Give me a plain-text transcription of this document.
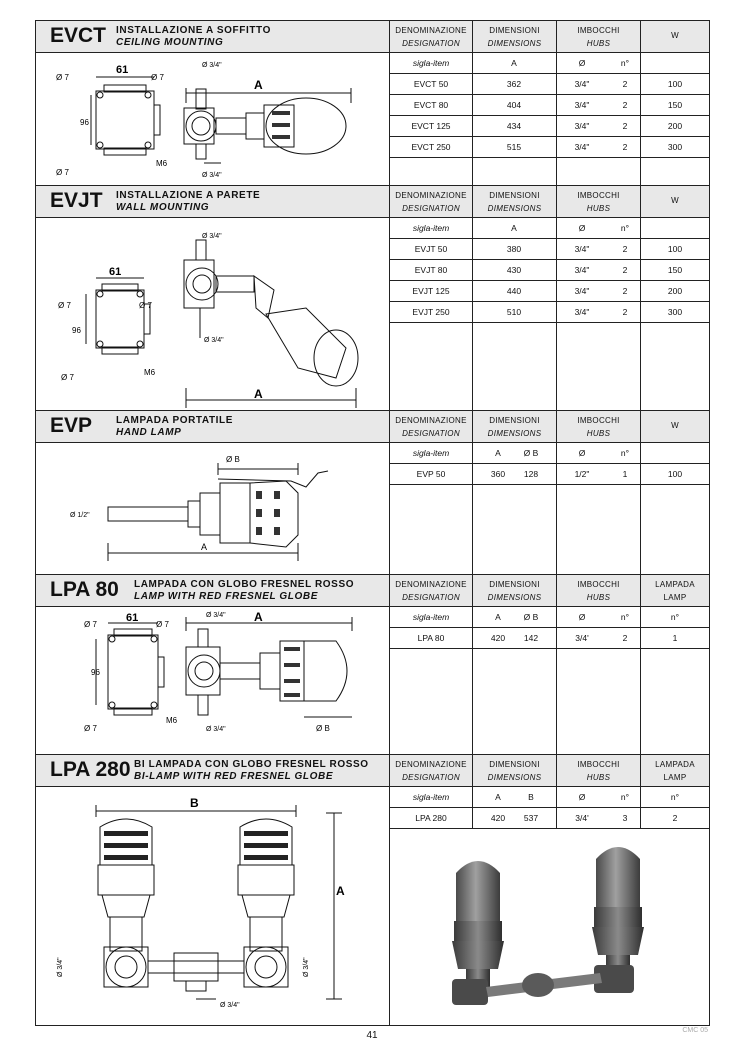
EVCT INSTALLAZIONE A SOFFITTO
CEILING MOUNTING
DENOMINAZIONE
DESIGNATION
DIMENSIONI
DIMENSIONS
IMBOCCHI
HUBS
W
Ø 7
61
Ø 7
96
Ø 7
M6
Ø 3/4"
A
Ø 3/4"
sigla-item	A	Ø	n°
EVCT 50	362	3/4"	2	100
EVCT 80	404	3/4"	2	150
EVCT 125	434	3/4"	2	200
EVCT 250	515	3/4"	2	300
EVJT INSTALLAZIONE A PARETE
WALL MOUNTING
DENOMINAZIONE
DESIGNATION
DIMENSIONI
DIMENSIONS
IMBOCCHI
HUBS
W
Ø 7
61
Ø 7
96
Ø 7
M6
Ø 3/4"
A
Ø 3/4"
sigla-item	A	Ø	n°
EVJT 50	380	3/4"	2	100
EVJT 80	430	3/4"	2	150
EVJT 125	440	3/4"	2	200
EVJT 250	510	3/4"	2	300
EVP LAMPADA PORTATILE
HAND LAMP
DENOMINAZIONE
DESIGNATION
DIMENSIONI
DIMENSIONS
IMBOCCHI
HUBS
W
Ø B
Ø 1/2"
A
sigla-item	A	Ø B	Ø	n°
EVP 50	360	128	1/2"	1	100
LPA 80 LAMPADA CON GLOBO FRESNEL ROSSO
LAMP WITH RED FRESNEL GLOBE
DENOMINAZIONE
DESIGNATION
DIMENSIONI
DIMENSIONS
IMBOCCHI
HUBS
LAMPADA
LAMP
Ø 7
61
Ø 7
96
Ø 7
M6
Ø 3/4" A
Ø 3/4"	Ø B
sigla-item	A	Ø B	Ø	n°	n°
LPA 80	420	142	3/4'	2	1
LPA 280 BI LAMPADA CON GLOBO FRESNEL ROSSO
BI-LAMP WITH RED FRESNEL GLOBE
DENOMINAZIONE
DESIGNATION
DIMENSIONI
DIMENSIONS
IMBOCCHI
HUBS
LAMPADA
LAMP
B
A
Ø 3/4"	Ø 3/4"
Ø 3/4"
sigla-item	A	B	Ø	n°	n°
LPA 280	420	537	3/4'	3	2
41	CMC 05
